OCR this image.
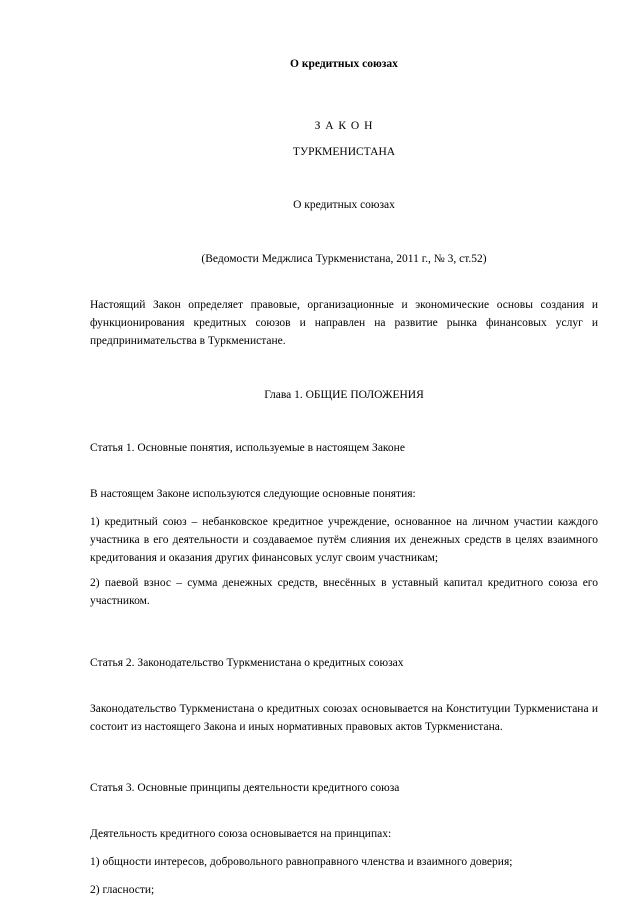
О кредитных союзах

З А К О Н

ТУРКМЕНИСТАНА

О кредитных союзах

(Ведомости Меджлиса Туркменистана, 2011 г., № 3, ст.52)

Настоящий Закон определяет правовые, организационные и экономические основы создания и функционирования кредитных союзов и направлен на развитие рынка финансовых услуг и предпринимательства в Туркменистане.

Глава 1. ОБЩИЕ ПОЛОЖЕНИЯ

Статья 1. Основные понятия, используемые в настоящем Законе

В настоящем Законе используются следующие основные понятия:

1) кредитный союз – небанковское кредитное учреждение, основанное на личном участии каждого участника в его деятельности и создаваемое путём слияния их денежных средств в целях взаимного кредитования и оказания других финансовых услуг своим участникам;

2) паевой взнос – сумма денежных средств, внесённых в уставный капитал кредитного союза его участником.

Статья 2. Законодательство Туркменистана о кредитных союзах

Законодательство Туркменистана о кредитных союзах основывается на Конституции Туркменистана и состоит из настоящего Закона и иных нормативных правовых актов Туркменистана.

Статья 3. Основные принципы деятельности кредитного союза

Деятельность кредитного союза основывается на принципах:

1) общности интересов, добровольного равноправного членства и взаимного доверия;

2) гласности;
